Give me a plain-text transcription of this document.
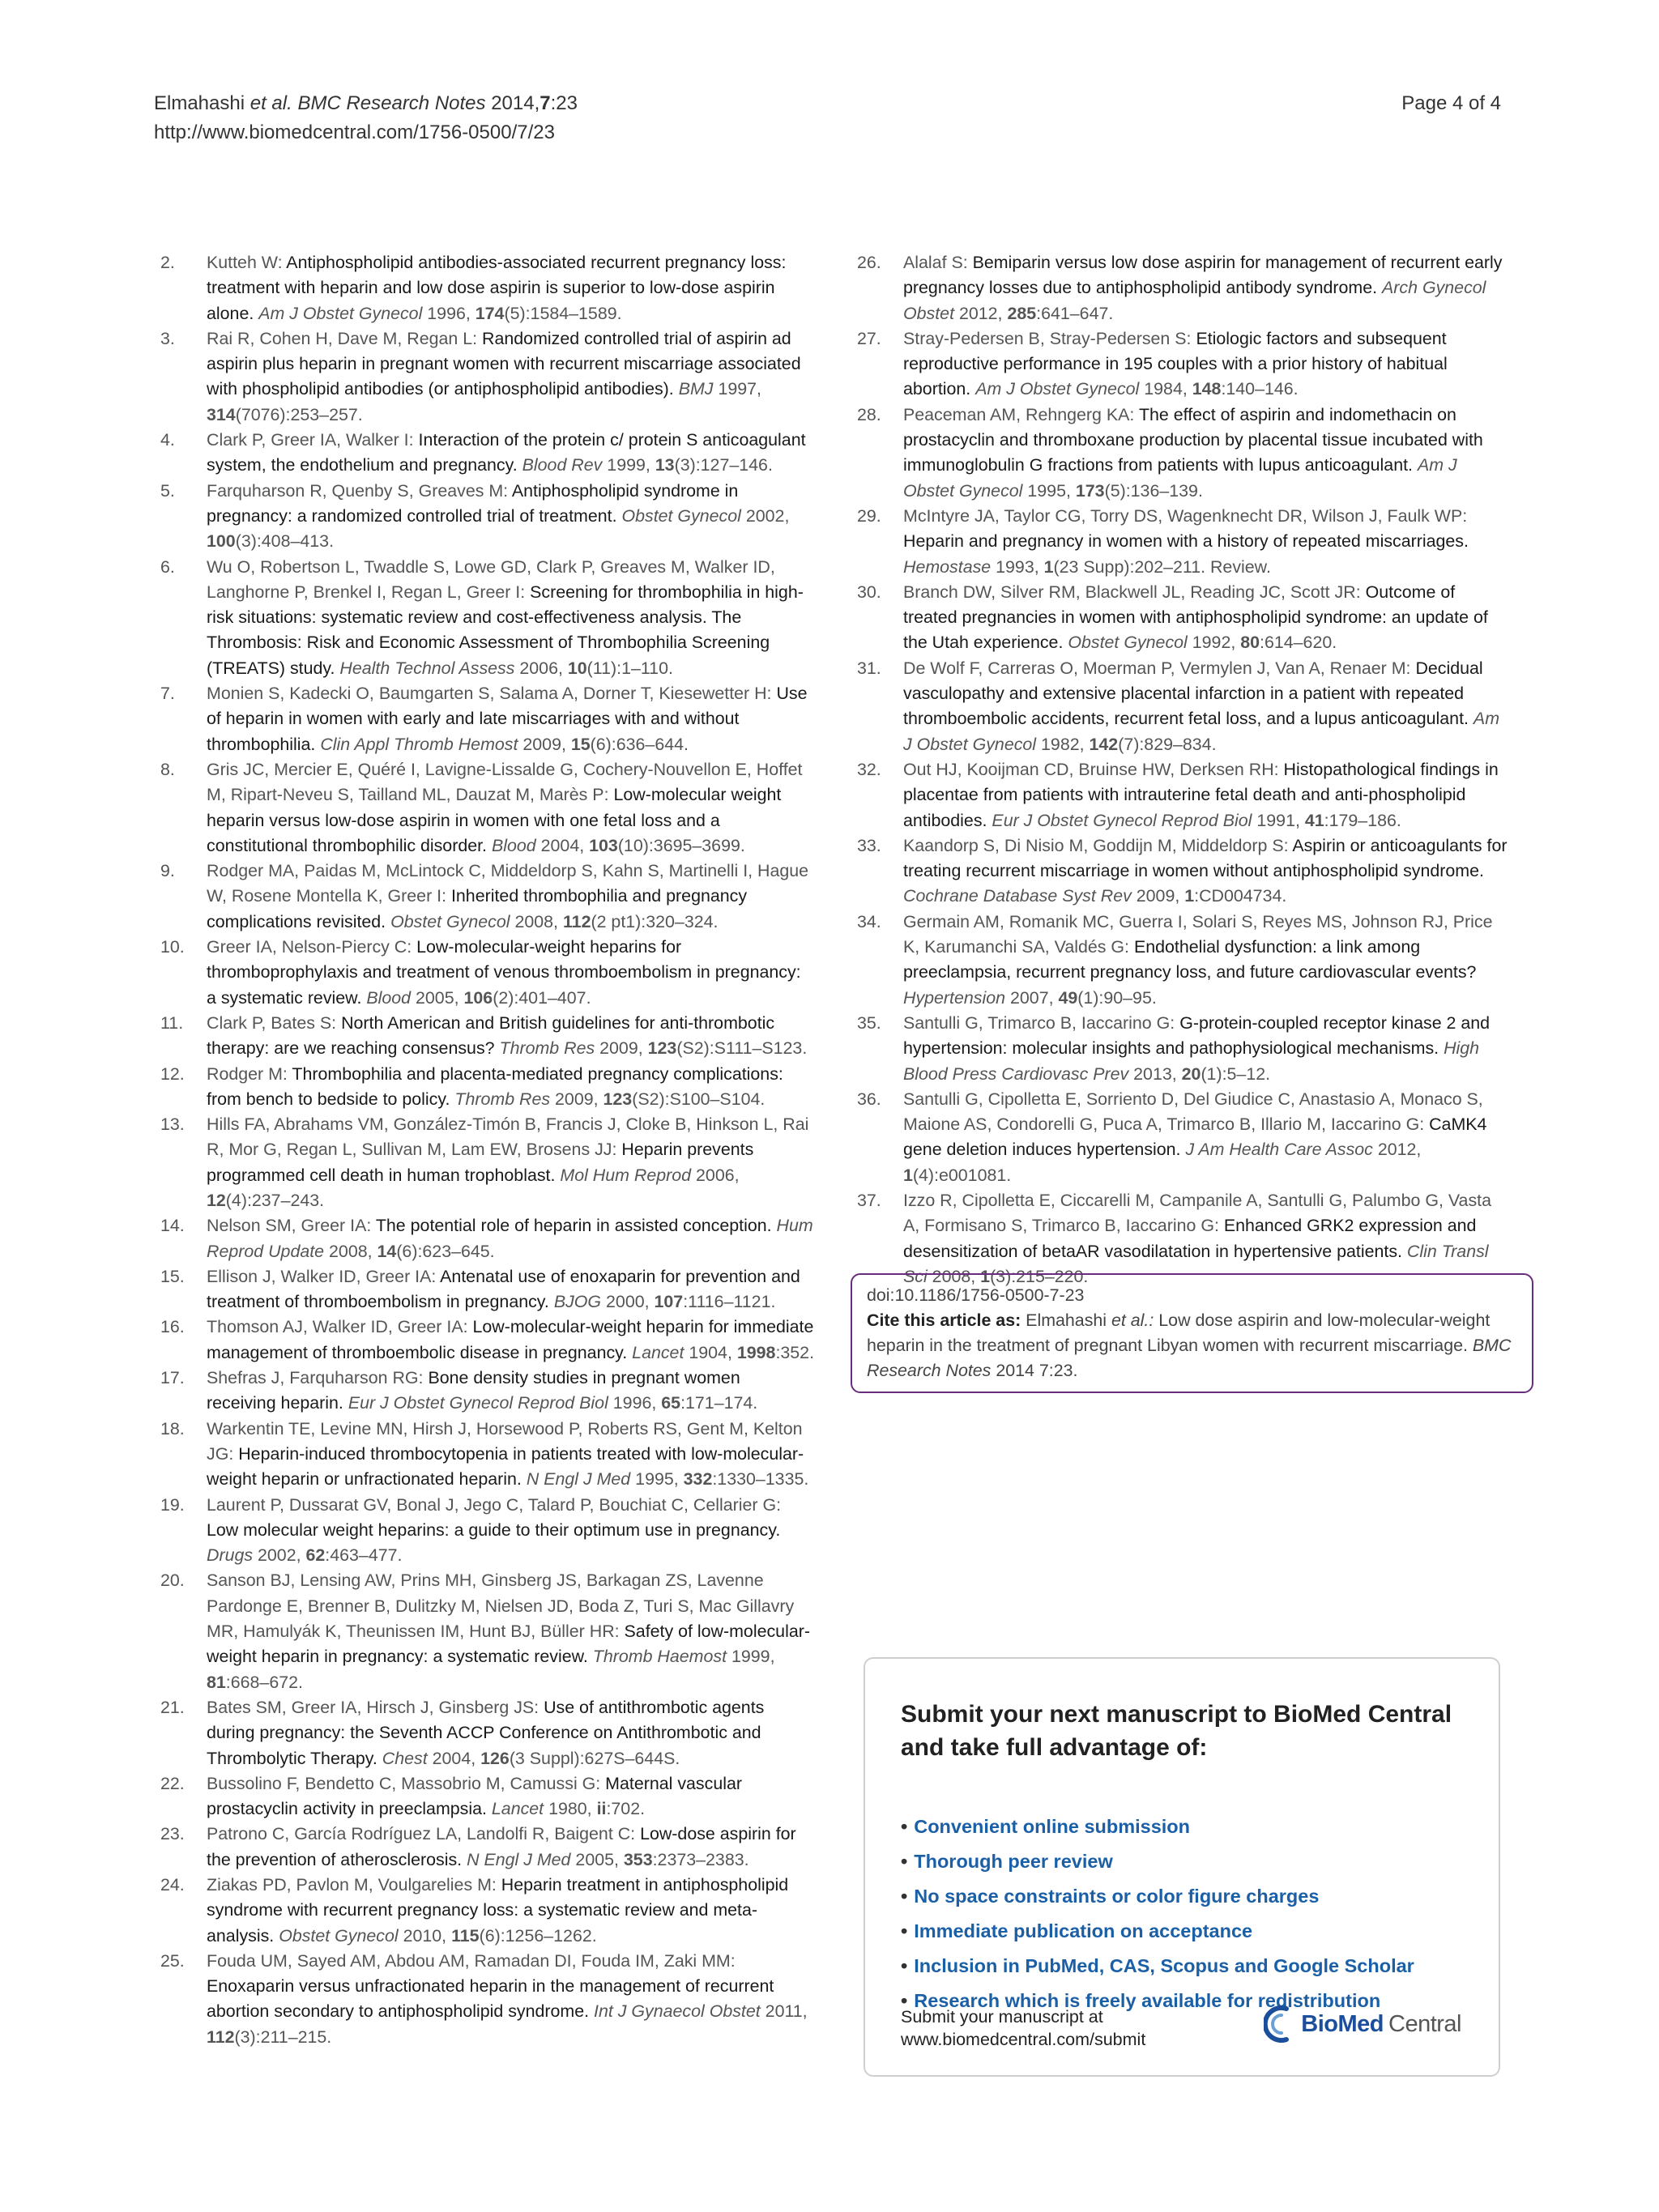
Elmahashi et al. BMC Research Notes 2014,7:23
http://www.biomedcentral.com/1756-0500/7/23
Page 4 of 4

2.	Kutteh W: Antiphospholipid antibodies-associated recurrent pregnancy loss: treatment with heparin and low dose aspirin is superior to low-dose aspirin alone. Am J Obstet Gynecol 1996, 174(5):1584–1589.

3.	Rai R, Cohen H, Dave M, Regan L: Randomized controlled trial of aspirin ad aspirin plus heparin in pregnant women with recurrent miscarriage associated with phospholipid antibodies (or antiphospholipid antibodies). BMJ 1997, 314(7076):253–257.

4.	Clark P, Greer IA, Walker I: Interaction of the protein c/ protein S anticoagulant system, the endothelium and pregnancy. Blood Rev 1999, 13(3):127–146.

5.	Farquharson R, Quenby S, Greaves M: Antiphospholipid syndrome in pregnancy: a randomized controlled trial of treatment. Obstet Gynecol 2002, 100(3):408–413.

6.	Wu O, Robertson L, Twaddle S, Lowe GD, Clark P, Greaves M, Walker ID, Langhorne P, Brenkel I, Regan L, Greer I: Screening for thrombophilia in high-risk situations: systematic review and cost-effectiveness analysis. The Thrombosis: Risk and Economic Assessment of Thrombophilia Screening (TREATS) study. Health Technol Assess 2006, 10(11):1–110.

7.	Monien S, Kadecki O, Baumgarten S, Salama A, Dorner T, Kiesewetter H: Use of heparin in women with early and late miscarriages with and without thrombophilia. Clin Appl Thromb Hemost 2009, 15(6):636–644.

8.	Gris JC, Mercier E, Quéré I, Lavigne-Lissalde G, Cochery-Nouvellon E, Hoffet M, Ripart-Neveu S, Tailland ML, Dauzat M, Marès P: Low-molecular weight heparin versus low-dose aspirin in women with one fetal loss and a constitutional thrombophilic disorder. Blood 2004, 103(10):3695–3699.

9.	Rodger MA, Paidas M, McLintock C, Middeldorp S, Kahn S, Martinelli I, Hague W, Rosene Montella K, Greer I: Inherited thrombophilia and pregnancy complications revisited. Obstet Gynecol 2008, 112(2 pt1):320–324.

10.	Greer IA, Nelson-Piercy C: Low-molecular-weight heparins for thromboprophylaxis and treatment of venous thromboembolism in pregnancy: a systematic review. Blood 2005, 106(2):401–407.

11.	Clark P, Bates S: North American and British guidelines for anti-thrombotic therapy: are we reaching consensus? Thromb Res 2009, 123(S2):S111–S123.

12.	Rodger M: Thrombophilia and placenta-mediated pregnancy complications: from bench to bedside to policy. Thromb Res 2009, 123(S2):S100–S104.

13.	Hills FA, Abrahams VM, González-Timón B, Francis J, Cloke B, Hinkson L, Rai R, Mor G, Regan L, Sullivan M, Lam EW, Brosens JJ: Heparin prevents programmed cell death in human trophoblast. Mol Hum Reprod 2006, 12(4):237–243.

14.	Nelson SM, Greer IA: The potential role of heparin in assisted conception. Hum Reprod Update 2008, 14(6):623–645.

15.	Ellison J, Walker ID, Greer IA: Antenatal use of enoxaparin for prevention and treatment of thromboembolism in pregnancy. BJOG 2000, 107:1116–1121.

16.	Thomson AJ, Walker ID, Greer IA: Low-molecular-weight heparin for immediate management of thromboembolic disease in pregnancy. Lancet 1904, 1998:352.

17.	Shefras J, Farquharson RG: Bone density studies in pregnant women receiving heparin. Eur J Obstet Gynecol Reprod Biol 1996, 65:171–174.

18.	Warkentin TE, Levine MN, Hirsh J, Horsewood P, Roberts RS, Gent M, Kelton JG: Heparin-induced thrombocytopenia in patients treated with low-molecular-weight heparin or unfractionated heparin. N Engl J Med 1995, 332:1330–1335.

19.	Laurent P, Dussarat GV, Bonal J, Jego C, Talard P, Bouchiat C, Cellarier G: Low molecular weight heparins: a guide to their optimum use in pregnancy. Drugs 2002, 62:463–477.

20.	Sanson BJ, Lensing AW, Prins MH, Ginsberg JS, Barkagan ZS, Lavenne Pardonge E, Brenner B, Dulitzky M, Nielsen JD, Boda Z, Turi S, Mac Gillavry MR, Hamulyák K, Theunissen IM, Hunt BJ, Büller HR: Safety of low-molecular-weight heparin in pregnancy: a systematic review. Thromb Haemost 1999, 81:668–672.

21.	Bates SM, Greer IA, Hirsch J, Ginsberg JS: Use of antithrombotic agents during pregnancy: the Seventh ACCP Conference on Antithrombotic and Thrombolytic Therapy. Chest 2004, 126(3 Suppl):627S–644S.

22.	Bussolino F, Bendetto C, Massobrio M, Camussi G: Maternal vascular prostacyclin activity in preeclampsia. Lancet 1980, ii:702.

23.	Patrono C, García Rodríguez LA, Landolfi R, Baigent C: Low-dose aspirin for the prevention of atherosclerosis. N Engl J Med 2005, 353:2373–2383.

24.	Ziakas PD, Pavlon M, Voulgarelies M: Heparin treatment in antiphospholipid syndrome with recurrent pregnancy loss: a systematic review and meta-analysis. Obstet Gynecol 2010, 115(6):1256–1262.

25.	Fouda UM, Sayed AM, Abdou AM, Ramadan DI, Fouda IM, Zaki MM: Enoxaparin versus unfractionated heparin in the management of recurrent abortion secondary to antiphospholipid syndrome. Int J Gynaecol Obstet 2011, 112(3):211–215.

26.	Alalaf S: Bemiparin versus low dose aspirin for management of recurrent early pregnancy losses due to antiphospholipid antibody syndrome. Arch Gynecol Obstet 2012, 285:641–647.

27.	Stray-Pedersen B, Stray-Pedersen S: Etiologic factors and subsequent reproductive performance in 195 couples with a prior history of habitual abortion. Am J Obstet Gynecol 1984, 148:140–146.

28.	Peaceman AM, Rehngerg KA: The effect of aspirin and indomethacin on prostacyclin and thromboxane production by placental tissue incubated with immunoglobulin G fractions from patients with lupus anticoagulant. Am J Obstet Gynecol 1995, 173(5):136–139.

29.	McIntyre JA, Taylor CG, Torry DS, Wagenknecht DR, Wilson J, Faulk WP: Heparin and pregnancy in women with a history of repeated miscarriages. Hemostase 1993, 1(23 Supp):202–211. Review.

30.	Branch DW, Silver RM, Blackwell JL, Reading JC, Scott JR: Outcome of treated pregnancies in women with antiphospholipid syndrome: an update of the Utah experience. Obstet Gynecol 1992, 80:614–620.

31.	De Wolf F, Carreras O, Moerman P, Vermylen J, Van A, Renaer M: Decidual vasculopathy and extensive placental infarction in a patient with repeated thromboembolic accidents, recurrent fetal loss, and a lupus anticoagulant. Am J Obstet Gynecol 1982, 142(7):829–834.

32.	Out HJ, Kooijman CD, Bruinse HW, Derksen RH: Histopathological findings in placentae from patients with intrauterine fetal death and anti-phospholipid antibodies. Eur J Obstet Gynecol Reprod Biol 1991, 41:179–186.

33.	Kaandorp S, Di Nisio M, Goddijn M, Middeldorp S: Aspirin or anticoagulants for treating recurrent miscarriage in women without antiphospholipid syndrome. Cochrane Database Syst Rev 2009, 1:CD004734.

34.	Germain AM, Romanik MC, Guerra I, Solari S, Reyes MS, Johnson RJ, Price K, Karumanchi SA, Valdés G: Endothelial dysfunction: a link among preeclampsia, recurrent pregnancy loss, and future cardiovascular events? Hypertension 2007, 49(1):90–95.

35.	Santulli G, Trimarco B, Iaccarino G: G-protein-coupled receptor kinase 2 and hypertension: molecular insights and pathophysiological mechanisms. High Blood Press Cardiovasc Prev 2013, 20(1):5–12.

36.	Santulli G, Cipolletta E, Sorriento D, Del Giudice C, Anastasio A, Monaco S, Maione AS, Condorelli G, Puca A, Trimarco B, Illario M, Iaccarino G: CaMK4 gene deletion induces hypertension. J Am Health Care Assoc 2012, 1(4):e001081.

37.	Izzo R, Cipolletta E, Ciccarelli M, Campanile A, Santulli G, Palumbo G, Vasta A, Formisano S, Trimarco B, Iaccarino G: Enhanced GRK2 expression and desensitization of betaAR vasodilatation in hypertensive patients. Clin Transl Sci 2008, 1(3):215–220.

doi:10.1186/1756-0500-7-23
Cite this article as: Elmahashi et al.: Low dose aspirin and low-molecular-weight heparin in the treatment of pregnant Libyan women with recurrent miscarriage. BMC Research Notes 2014 7:23.
Submit your next manuscript to BioMed Central and take full advantage of:
• Convenient online submission
• Thorough peer review
• No space constraints or color figure charges
• Immediate publication on acceptance
• Inclusion in PubMed, CAS, Scopus and Google Scholar
• Research which is freely available for redistribution
Submit your manuscript at
www.biomedcentral.com/submit
BioMed Central
